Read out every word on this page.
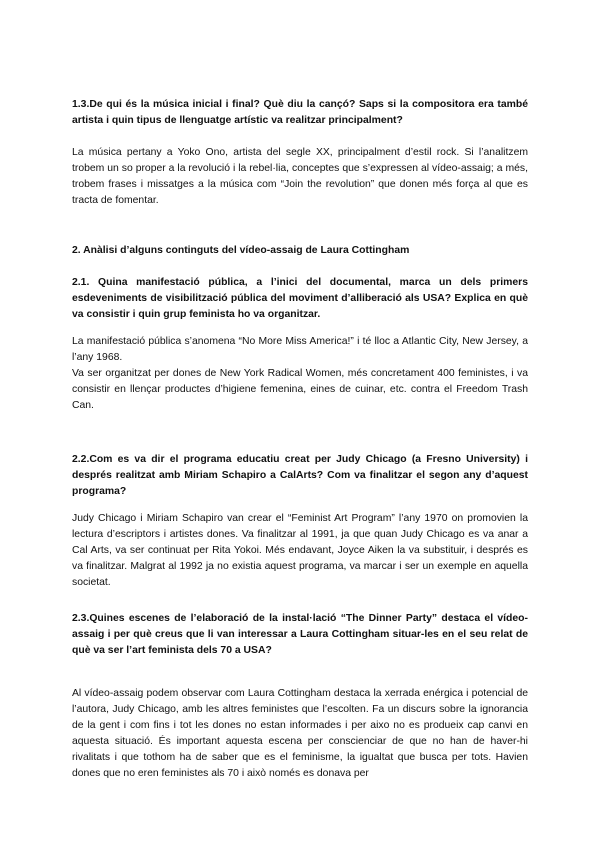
1.3.De qui és la música inicial i final? Què diu la cançó? Saps si la compositora era també artista i quin tipus de llenguatge artístic va realitzar principalment?

La música pertany a Yoko Ono, artista del segle XX, principalment d’estil rock. Si l’analitzem trobem un so proper a la revolució i la rebel·lia, conceptes que s’expressen al vídeo-assaig; a més, trobem frases i missatges a la música com “Join the revolution” que donen més força al que es tracta de fomentar.

2. Anàlisi d’alguns continguts del vídeo-assaig de Laura Cottingham

2.1. Quina manifestació pública, a l’inici del documental, marca un dels primers esdeveniments de visibilització pública del moviment d’alliberació als USA? Explica en què va consistir i quin grup feminista ho va organitzar.

La manifestació pública s’anomena “No More Miss America!” i té lloc a Atlantic City, New Jersey, a l’any 1968.
Va ser organitzat per dones de New York Radical Women, més concretament 400 feministes, i va consistir en llençar productes d’higiene femenina, eines de cuinar, etc. contra el Freedom Trash Can.

2.2.Com es va dir el programa educatiu creat per Judy Chicago (a Fresno University) i després realitzat amb Miriam Schapiro a CalArts? Com va finalitzar el segon any d’aquest programa?

Judy Chicago i Miriam Schapiro van crear el “Feminist Art Program” l’any 1970 on promovien la lectura d’escriptors i artistes dones. Va finalitzar al 1991, ja que quan Judy Chicago es va anar a Cal Arts, va ser continuat per Rita Yokoi. Més endavant, Joyce Aiken la va substituir, i després es va finalitzar. Malgrat al 1992 ja no existia aquest programa, va marcar i ser un exemple en aquella societat.

2.3.Quines escenes de l’elaboració de la instal·lació “The Dinner Party” destaca el vídeo-assaig i per què creus que li van interessar a Laura Cottingham situar-les en el seu relat de què va ser l’art feminista dels 70 a USA?

Al vídeo-assaig podem observar com Laura Cottingham destaca la xerrada enérgica i potencial de l’autora, Judy Chicago, amb les altres feministes que l’escolten. Fa un discurs sobre la ignorancia de la gent i com fins i tot les dones no estan informades i per aixo no es produeix cap canvi en aquesta situació. És important aquesta escena per conscienciar de que no han de haver-hi rivalitats i que tothom ha de saber que es el feminisme, la igualtat que busca per tots. Havien dones que no eren feministes als 70 i això només es donava per
